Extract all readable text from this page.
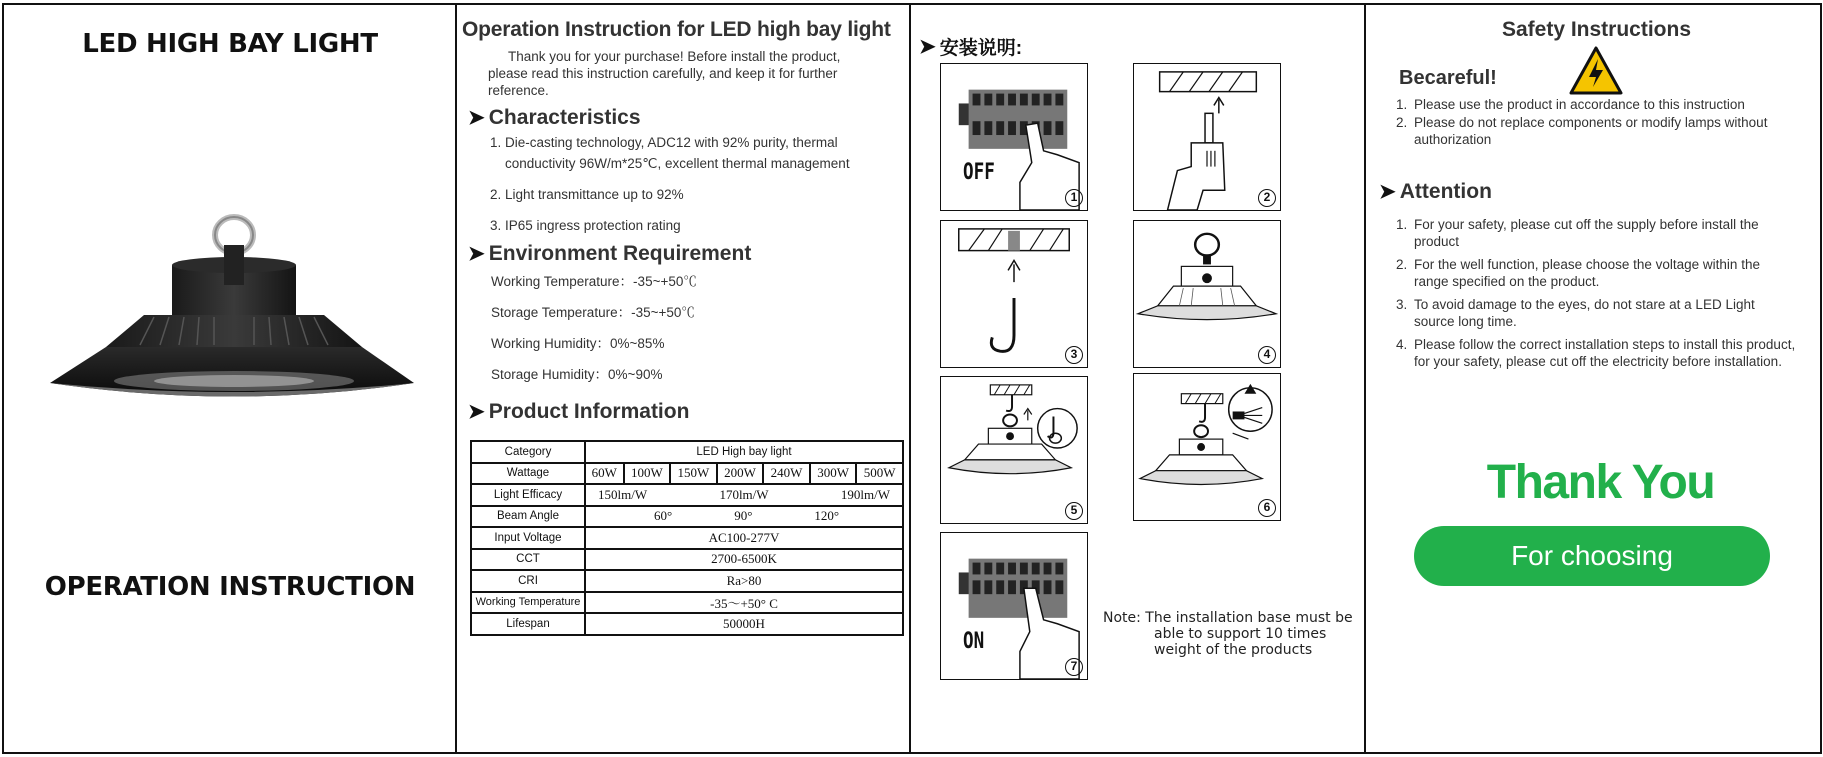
LED HIGH BAY LIGHT
OPERATION INSTRUCTION
Operation Instruction for LED high bay light
Thank you for your purchase! Before install the product, please read this instruction carefully, and keep it for further reference.
➤ Characteristics
1. Die-casting technology, ADC12 with 92% purity, thermal
conductivity 96W/m*25℃, excellent thermal management
2. Light transmittance up to 92%
3. IP65 ingress protection rating
➤ Environment Requirement
Working Temperature：-35~+50℃
Storage Temperature：-35~+50℃
Working Humidity：0%~85%
Storage Humidity：0%~90%
➤ Product Information
Category	LED High bay light						
Wattage	60W	100W	150W	200W	240W	300W	500W
Light Efficacy	150lm/W 170lm/W 190lm/W						

Beam Angle	60° 90° 120°						

Input Voltage	AC100-277V						
CCT	2700-6500K						
CRI	Ra>80						
Working Temperature	-35～+50° C						
Lifespan	50000H						
➤ 安装说明:
OFF
1	2
3	4
5	6
ON
7
Note: The installation base must be
able to support 10 times
weight of the products
Safety Instructions
Becareful!
1. Please use the product in accordance to this instruction
2. Please do not replace components or modify lamps without authorization
➤ Attention
1. For your safety, please cut off the supply before install the product
2. For the well function, please choose the voltage within the range specified on the product.
3. To avoid damage to the eyes, do not stare at a LED Light source long time.
4. Please follow the correct installation steps to install this product, for your safety, please cut off the electricity before installation.
Thank You
For choosing
